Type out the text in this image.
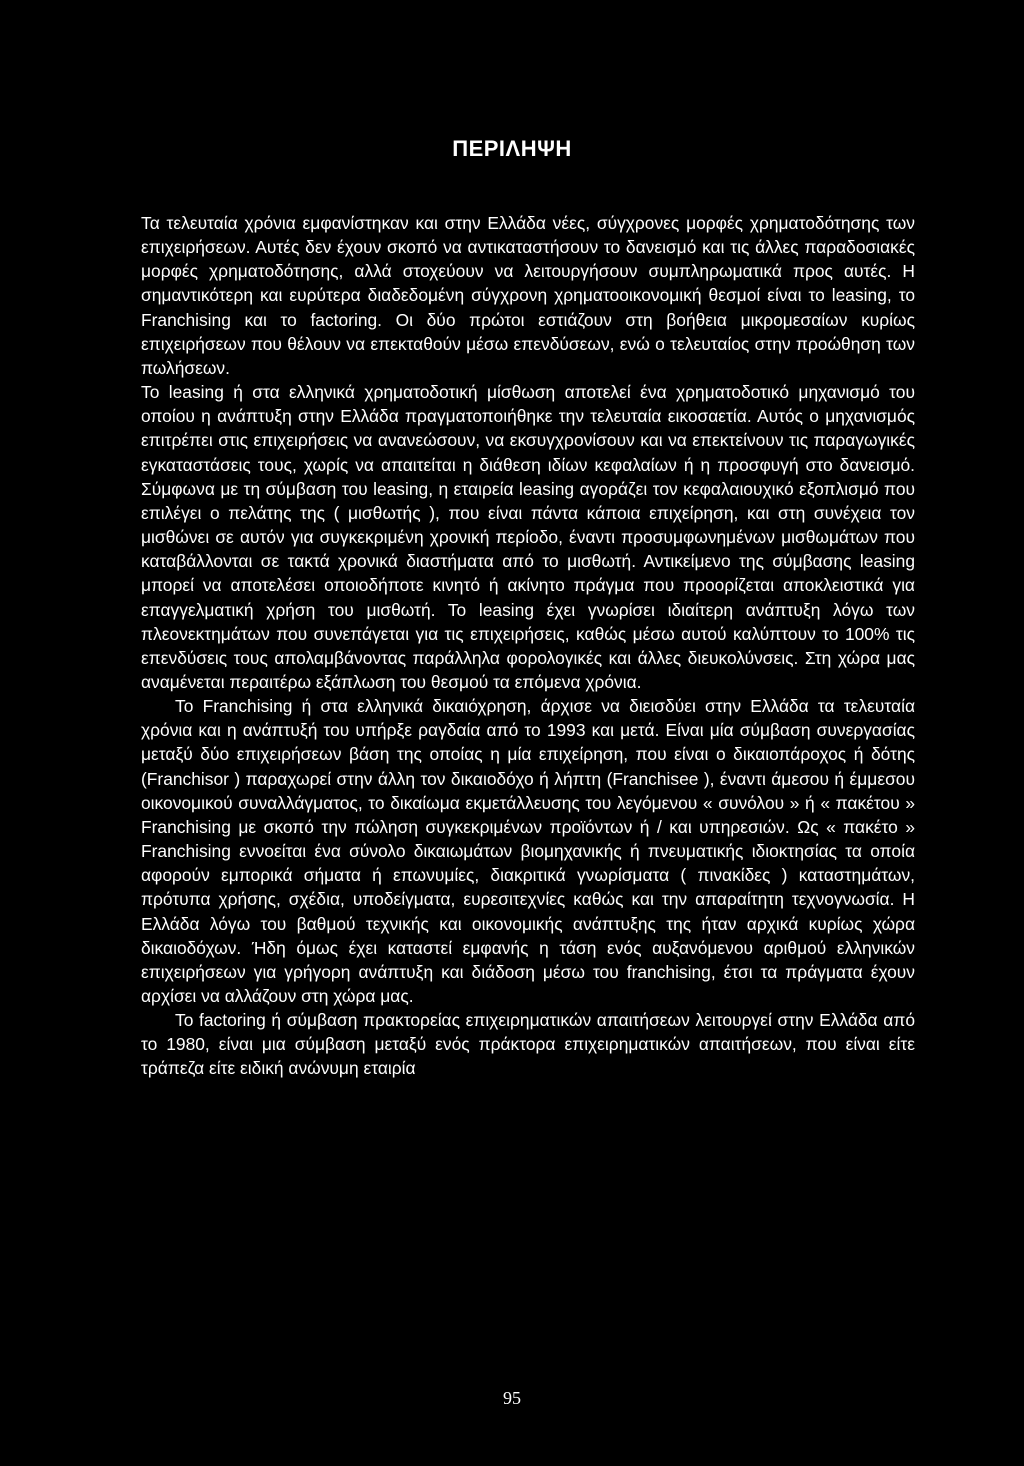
ΠΕΡΙΛΗΨΗ

Τα τελευταία χρόνια εμφανίστηκαν και στην Ελλάδα νέες, σύγχρονες μορφές χρηματοδότησης των επιχειρήσεων. Αυτές δεν έχουν σκοπό να αντικαταστήσουν το δανεισμό και τις άλλες παραδοσιακές μορφές χρηματοδότησης, αλλά στοχεύουν να λειτουργήσουν συμπληρωματικά προς αυτές. Η σημαντικότερη και ευρύτερα διαδεδομένη σύγχρονη χρηματοοικονομική θεσμοί είναι το leasing, το Franchising και το factoring. Οι δύο πρώτοι εστιάζουν στη βοήθεια μικρομεσαίων κυρίως επιχειρήσεων που θέλουν να επεκταθούν μέσω επενδύσεων, ενώ ο τελευταίος στην προώθηση των πωλήσεων.

Το leasing ή στα ελληνικά χρηματοδοτική μίσθωση αποτελεί ένα χρηματοδοτικό μηχανισμό του οποίου η ανάπτυξη στην Ελλάδα πραγματοποιήθηκε την τελευταία εικοσαετία. Αυτός ο μηχανισμός επιτρέπει στις επιχειρήσεις να ανανεώσουν, να εκσυγχρονίσουν και να επεκτείνουν τις παραγωγικές εγκαταστάσεις τους, χωρίς να απαιτείται η διάθεση ιδίων κεφαλαίων ή η προσφυγή στο δανεισμό. Σύμφωνα με τη σύμβαση του leasing, η εταιρεία leasing αγοράζει τον κεφαλαιουχικό εξοπλισμό που επιλέγει ο πελάτης της ( μισθωτής ), που είναι πάντα κάποια επιχείρηση, και στη συνέχεια τον μισθώνει σε αυτόν για συγκεκριμένη χρονική περίοδο, έναντι προσυμφωνημένων μισθωμάτων που καταβάλλονται σε τακτά χρονικά διαστήματα από το μισθωτή. Αντικείμενο της σύμβασης leasing μπορεί να αποτελέσει οποιοδήποτε κινητό ή ακίνητο πράγμα που προορίζεται αποκλειστικά για επαγγελματική χρήση του μισθωτή. Το leasing έχει γνωρίσει ιδιαίτερη ανάπτυξη λόγω των πλεονεκτημάτων που συνεπάγεται για τις επιχειρήσεις, καθώς μέσω αυτού καλύπτουν το 100% τις επενδύσεις τους απολαμβάνοντας παράλληλα φορολογικές και άλλες διευκολύνσεις. Στη χώρα μας αναμένεται περαιτέρω εξάπλωση του θεσμού τα επόμενα χρόνια.

Το Franchising ή στα ελληνικά δικαιόχρηση, άρχισε να διεισδύει στην Ελλάδα τα τελευταία χρόνια και η ανάπτυξή του υπήρξε ραγδαία από το 1993 και μετά. Είναι μία σύμβαση συνεργασίας μεταξύ δύο επιχειρήσεων βάση της οποίας η μία επιχείρηση, που είναι ο δικαιοπάροχος ή δότης (Franchisor ) παραχωρεί στην άλλη τον δικαιοδόχο ή λήπτη (Franchisee ), έναντι άμεσου ή έμμεσου οικονομικού συναλλάγματος, το δικαίωμα εκμετάλλευσης του λεγόμενου « συνόλου » ή « πακέτου » Franchising με σκοπό την πώληση συγκεκριμένων προϊόντων ή / και υπηρεσιών. Ως « πακέτο » Franchising εννοείται ένα σύνολο δικαιωμάτων βιομηχανικής ή πνευματικής ιδιοκτησίας τα οποία αφορούν εμπορικά σήματα ή επωνυμίες, διακριτικά γνωρίσματα ( πινακίδες ) καταστημάτων, πρότυπα χρήσης, σχέδια, υποδείγματα, ευρεσιτεχνίες καθώς και την απαραίτητη τεχνογνωσία. Η Ελλάδα λόγω του βαθμού τεχνικής και οικονομικής ανάπτυξης της ήταν αρχικά κυρίως χώρα δικαιοδόχων. Ήδη όμως έχει καταστεί εμφανής η τάση ενός αυξανόμενου αριθμού ελληνικών επιχειρήσεων για γρήγορη ανάπτυξη και διάδοση μέσω του franchising, έτσι τα πράγματα έχουν αρχίσει να αλλάζουν στη χώρα μας.

Το factoring ή σύμβαση πρακτορείας επιχειρηματικών απαιτήσεων λειτουργεί στην Ελλάδα από το 1980, είναι μια σύμβαση μεταξύ ενός πράκτορα επιχειρηματικών απαιτήσεων, που είναι είτε τράπεζα είτε ειδική ανώνυμη εταιρία

95
